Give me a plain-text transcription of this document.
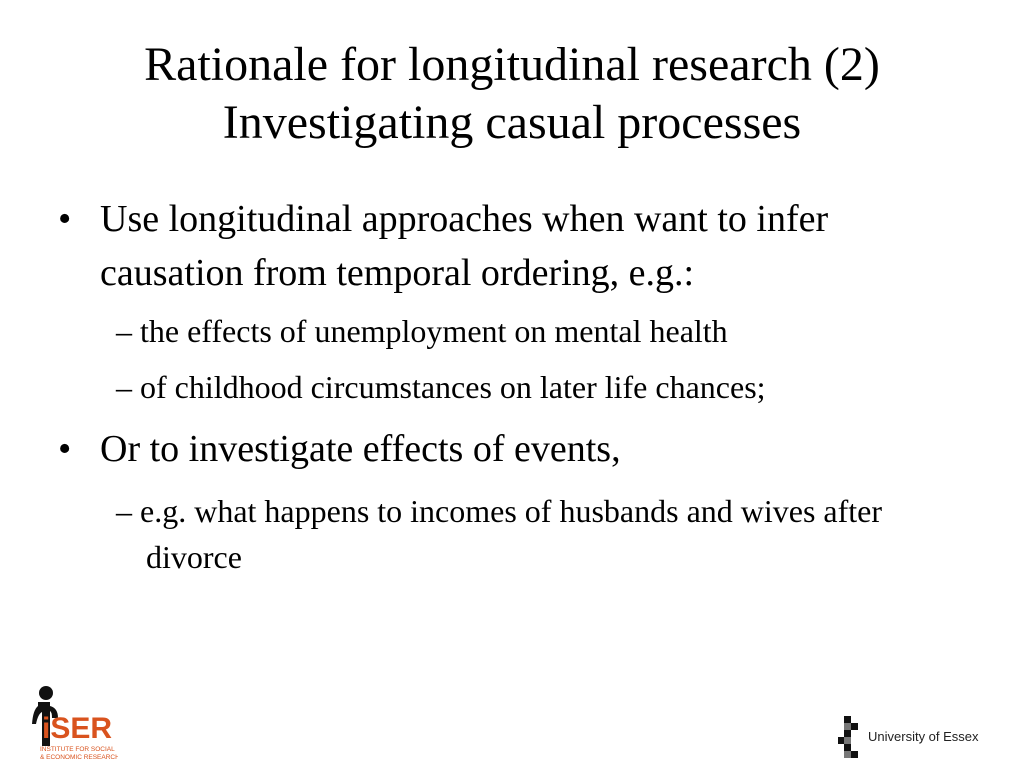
Rationale for longitudinal research (2)
Investigating casual processes
• Use longitudinal approaches when want to infer causation from temporal ordering, e.g.:
– the effects of unemployment on mental health
– of childhood circumstances on later life chances;
• Or to investigate effects of events,
– e.g. what happens to incomes of husbands and wives after divorce
iSER
INSTITUTE FOR SOCIAL
& ECONOMIC RESEARCH
University of Essex
